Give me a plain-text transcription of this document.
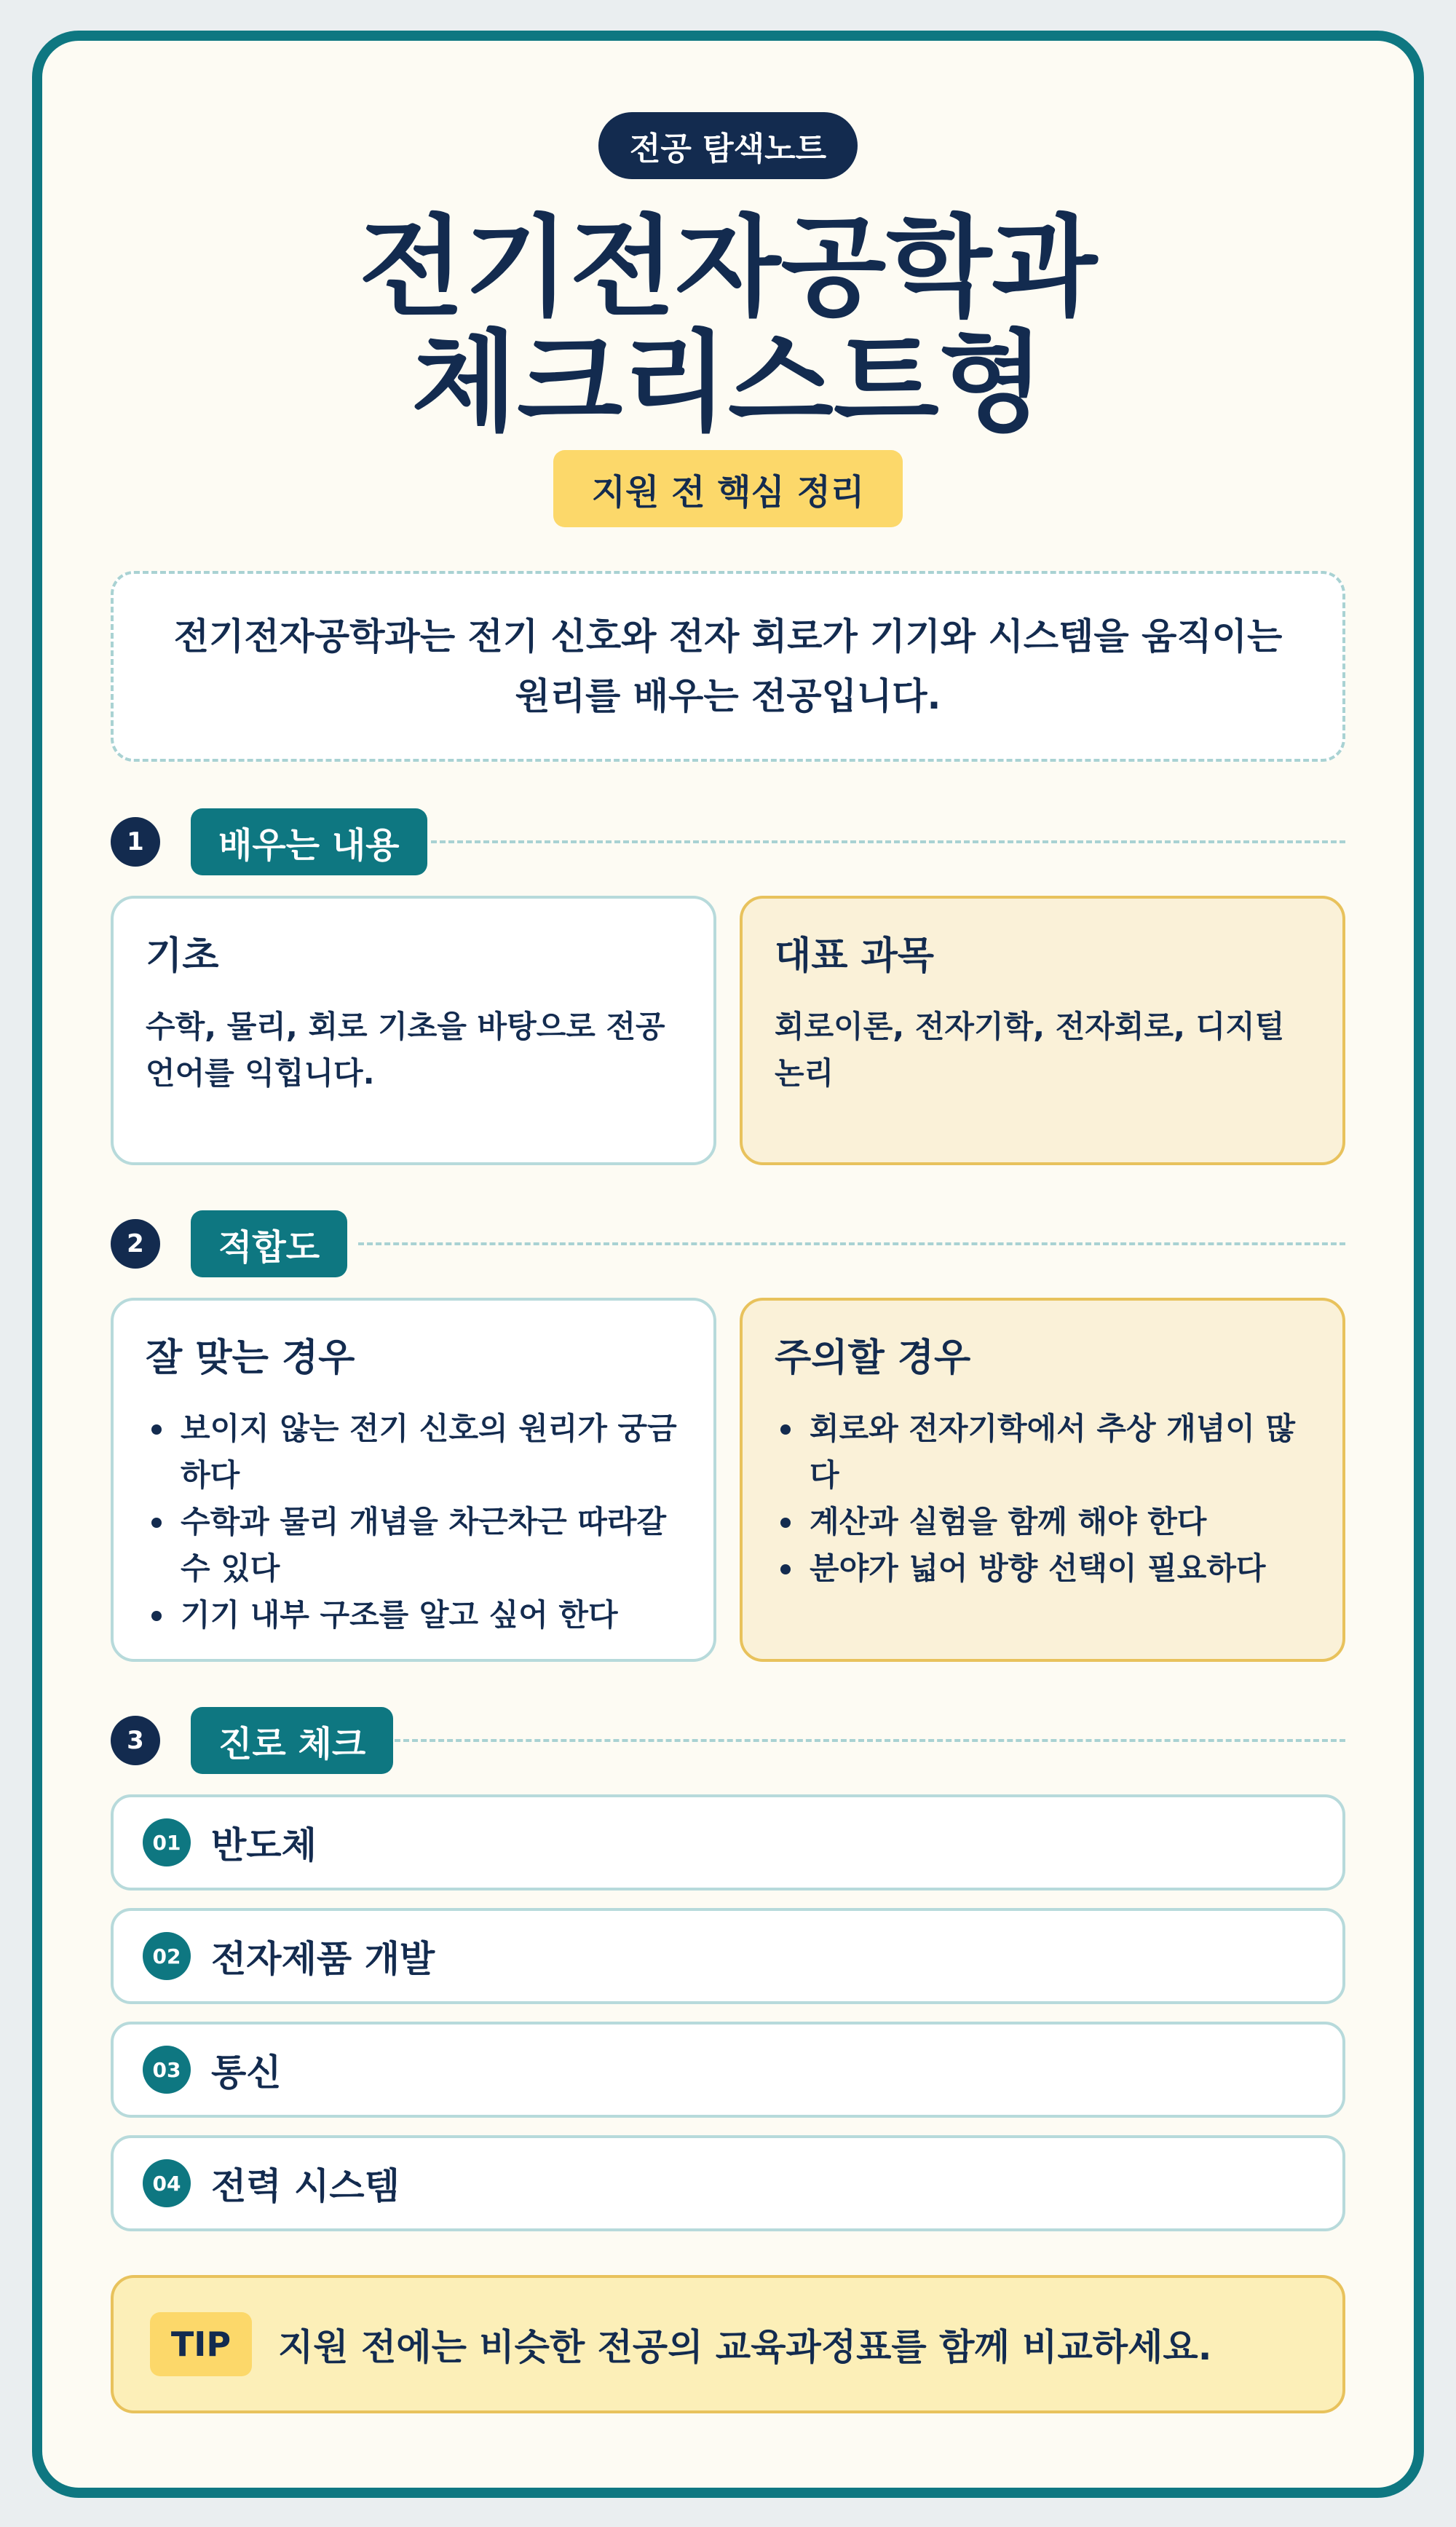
전공 탐색노트
전기전자공학과
체크리스트형
지원 전 핵심 정리
전기전자공학과는 전기 신호와 전자 회로가 기기와 시스템을 움직이는 원리를 배우는 전공입니다.
1	배우는 내용
기초

수학, 물리, 회로 기초을 바탕으로 전공 언어를 익힙니다.

대표 과목

회로이론, 전자기학, 전자회로, 디지털논리

2	적합도
잘 맞는 경우
보이지 않는 전기 신호의 원리가 궁금하다
수학과 물리 개념을 차근차근 따라갈 수 있다
기기 내부 구조를 알고 싶어 한다
주의할 경우
회로와 전자기학에서 추상 개념이 많다
계산과 실험을 함께 해야 한다
분야가 넓어 방향 선택이 필요하다
3	진로 체크
01 반도체
02 전자제품 개발
03 통신
04 전력 시스템
TIP	지원 전에는 비슷한 전공의 교육과정표를 함께 비교하세요.
